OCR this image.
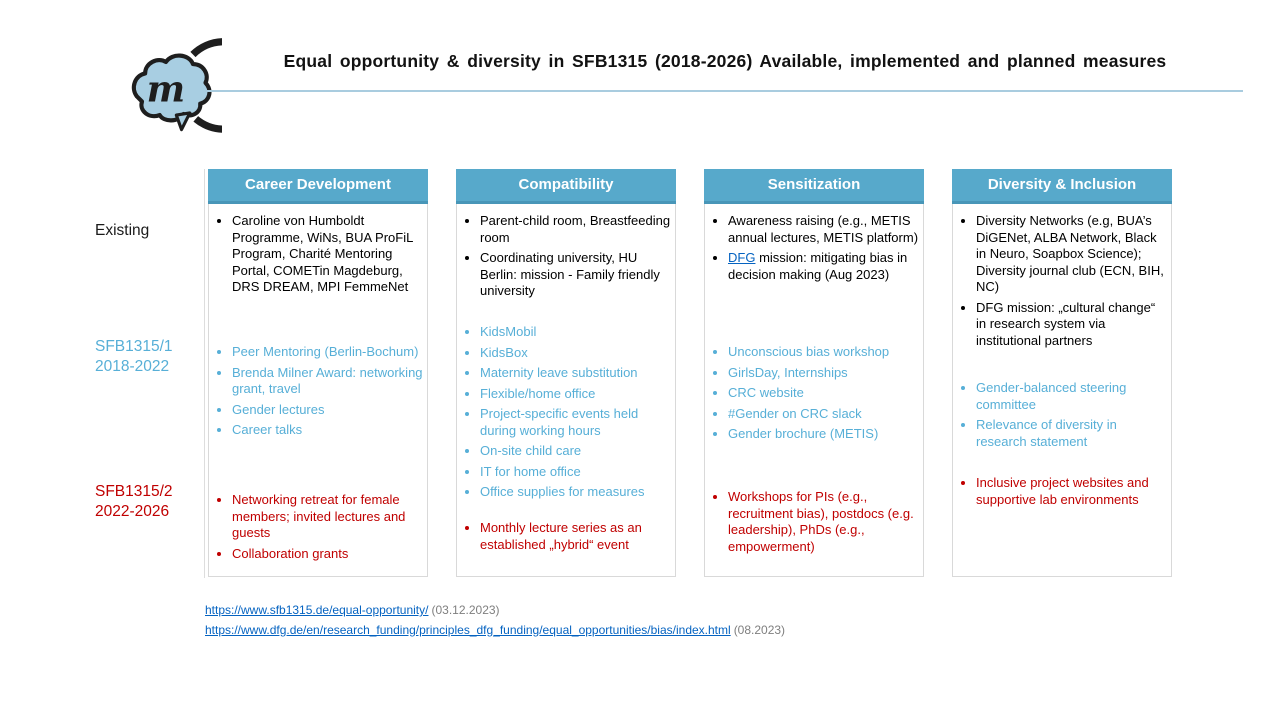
m
Equal opportunity & diversity in SFB1315 (2018-2026) Available, implemented and planned measures
Existing
SFB1315/1
2018-2022
SFB1315/2
2022-2026
Career Development
• Caroline von Humboldt Programme, WiNs, BUA ProFiL Program, Charité Mentoring Portal, COMETin Magdeburg, DRS DREAM, MPI FemmeNet
• Peer Mentoring (Berlin-Bochum)
• Brenda Milner Award: networking grant, travel
• Gender lectures
• Career talks
• Networking retreat for female members; invited lectures and guests
• Collaboration grants
Compatibility
• Parent-child room, Breastfeeding room
• Coordinating university, HU Berlin: mission - Family friendly university
• KidsMobil
• KidsBox
• Maternity leave substitution
• Flexible/home office
• Project-specific events held during working hours
• On-site child care
• IT for home office
• Office supplies for measures
• Monthly lecture series as an established „hybrid“ event
Sensitization
• Awareness raising (e.g., METIS annual lectures, METIS platform)
• DFG mission: mitigating bias in decision making (Aug 2023)
• Unconscious bias workshop
• GirlsDay, Internships
• CRC website
• #Gender on CRC slack
• Gender brochure (METIS)
• Workshops for PIs (e.g., recruitment bias), postdocs (e.g. leadership), PhDs (e.g., empowerment)
Diversity & Inclusion
• Diversity Networks (e.g, BUA’s DiGENet, ALBA Network, Black in Neuro, Soapbox Science); Diversity journal club (ECN, BIH, NC)
• DFG mission: „cultural change“ in research system via institutional partners
• Gender-balanced steering committee
• Relevance of diversity in research statement
• Inclusive project websites and supportive lab environments
https://www.sfb1315.de/equal-opportunity/ (03.12.2023)
https://www.dfg.de/en/research_funding/principles_dfg_funding/equal_opportunities/bias/index.html (08.2023)
